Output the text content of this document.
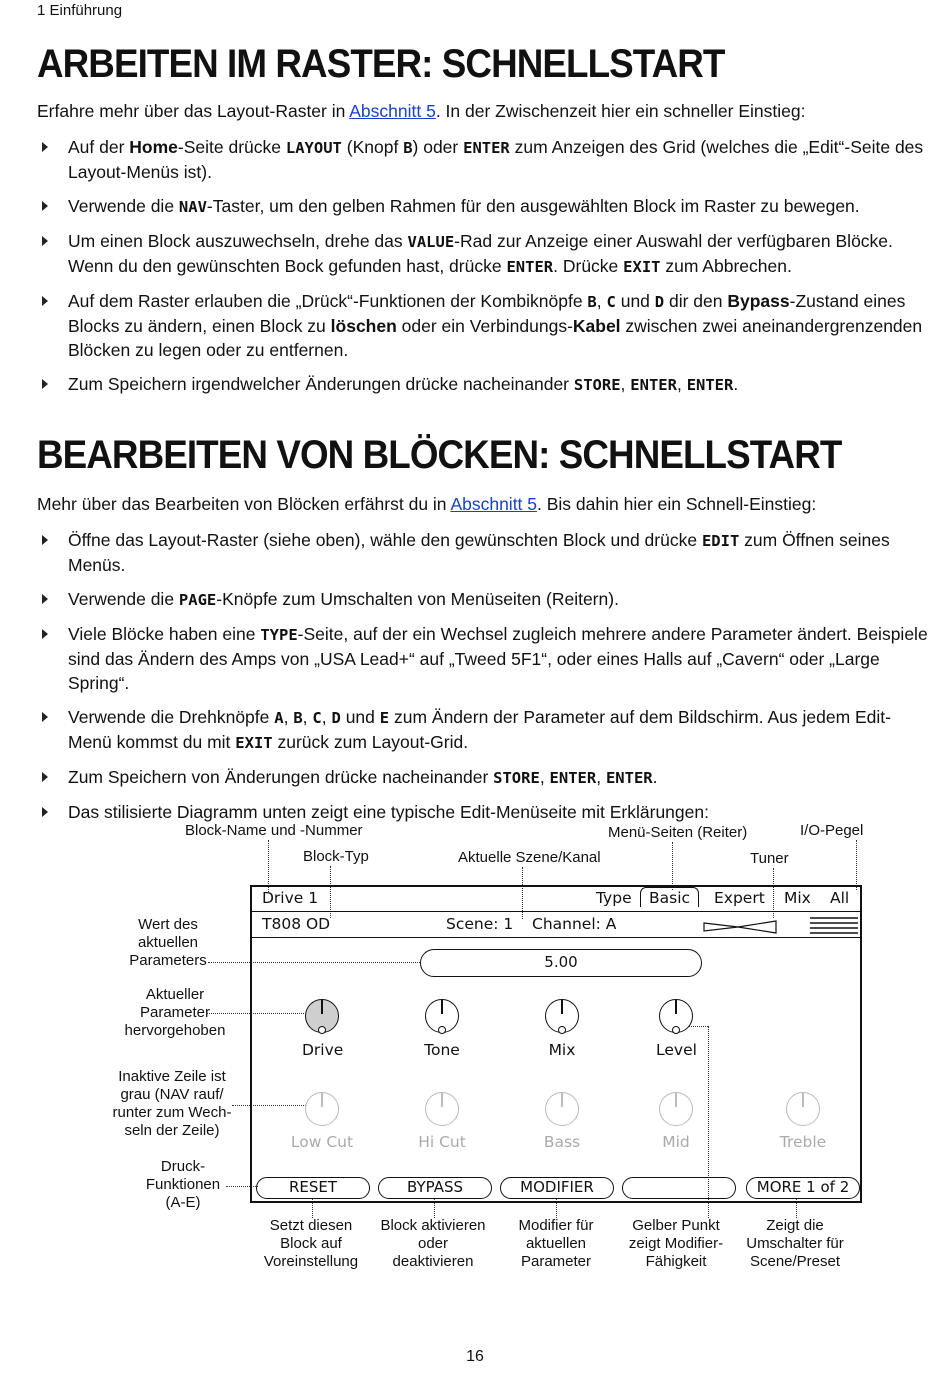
1 Einführung
ARBEITEN IM RASTER: SCHNELLSTART
Erfahre mehr über das Layout-Raster in Abschnitt 5. In der Zwischenzeit hier ein schneller Einstieg:
Auf der Home-Seite drücke LAYOUT (Knopf B) oder ENTER zum Anzeigen des Grid (welches die „Edit“-Seite des Layout-Menüs ist).
Verwende die NAV-Taster, um den gelben Rahmen für den ausgewählten Block im Raster zu bewegen.
Um einen Block auszuwechseln, drehe das VALUE-Rad zur Anzeige einer Auswahl der verfügbaren Blöcke. Wenn du den gewünschten Bock gefunden hast, drücke ENTER. Drücke EXIT zum Abbrechen.
Auf dem Raster erlauben die „Drück“-Funktionen der Kombiknöpfe B, C und D dir den Bypass-Zustand eines Blocks zu ändern, einen Block zu löschen oder ein Verbindungs-Kabel zwischen zwei aneinandergrenzenden Blöcken zu legen oder zu entfernen.
Zum Speichern irgendwelcher Änderungen drücke nacheinander STORE, ENTER, ENTER.
BEARBEITEN VON BLÖCKEN: SCHNELLSTART
Mehr über das Bearbeiten von Blöcken erfährst du in Abschnitt 5. Bis dahin hier ein Schnell-Einstieg:
Öffne das Layout-Raster (siehe oben), wähle den gewünschten Block und drücke EDIT zum Öffnen seines Menüs.
Verwende die PAGE-Knöpfe zum Umschalten von Menüseiten (Reitern).
Viele Blöcke haben eine TYPE-Seite, auf der ein Wechsel zugleich mehrere andere Parameter ändert. Beispiele sind das Ändern des Amps von „USA Lead+“ auf „Tweed 5F1“, oder eines Halls auf „Cavern“ oder „Large Spring“.
Verwende die Drehknöpfe A, B, C, D und E zum Ändern der Parameter auf dem Bildschirm. Aus jedem Edit-Menü kommst du mit EXIT zurück zum Layout-Grid.
Zum Speichern von Änderungen drücke nacheinander STORE, ENTER, ENTER.
Das stilisierte Diagramm unten zeigt eine typische Edit-Menüseite mit Erklärungen:
Block-Name und -Nummer
Block-Typ	Aktuelle Szene/Kanal
Menü-Seiten (Reiter)	I/O-Pegel
Tuner
Wert des
aktuellen
Parameters
Aktueller
Parameter
hervorgehoben
Inaktive Zeile ist
grau (NAV rauf/
runter zum Wech-
seln der Zeile)
Druck-
Funktionen
(A-E)
Setzt diesen
Block auf
Voreinstellung
Block aktivieren
oder
deaktivieren
Modifier für
aktuellen
Parameter
Gelber Punkt
zeigt Modifier-
Fähigkeit
Zeigt die
Umschalter für
Scene/Preset
Drive 1	Type	Basic	Expert Mix All
T808 OD	Scene: 1 Channel: A
5.00
Drive	Tone	Mix	Level
Low Cut	Hi Cut	Bass	Mid	Treble
RESET	BYPASS	MODIFIER	MORE 1 of 2
16
